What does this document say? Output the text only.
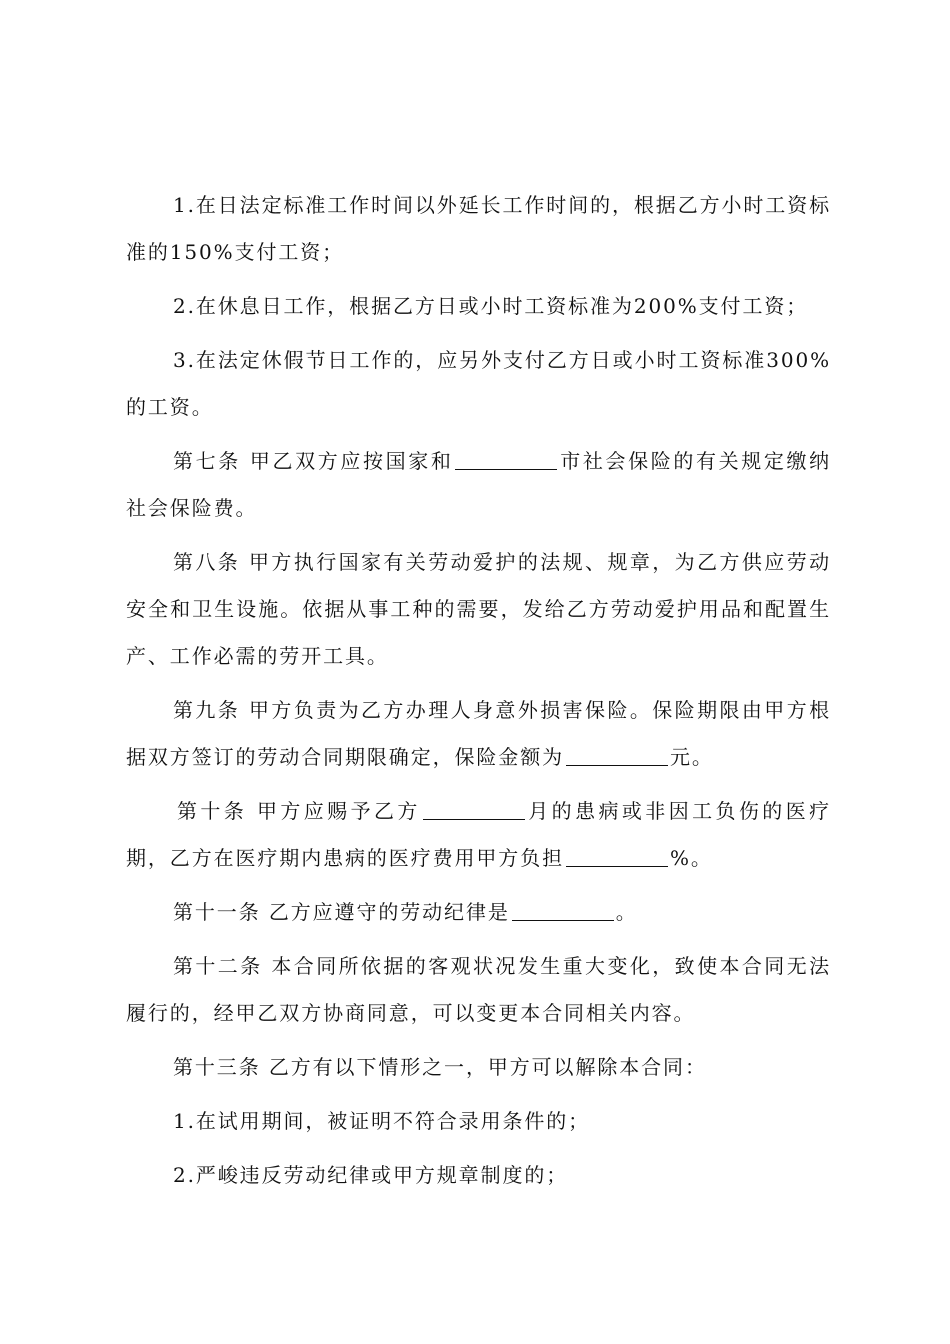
1.在日法定标准工作时间以外延长工作时间的，根据乙方小时工资标准的150%支付工资；

2.在休息日工作，根据乙方日或小时工资标准为200%支付工资；

3.在法定休假节日工作的，应另外支付乙方日或小时工资标准300%的工资。

第七条 甲乙双方应按国家和	市社会保险的有关规定缴纳社会保险费。

第八条 甲方执行国家有关劳动爱护的法规、规章，为乙方供应劳动安全和卫生设施。依据从事工种的需要，发给乙方劳动爱护用品和配置生产、工作必需的劳开工具。

第九条 甲方负责为乙方办理人身意外损害保险。保险期限由甲方根据双方签订的劳动合同期限确定，保险金额为	元。

第十条 甲方应赐予乙方	月的患病或非因工负伤的医疗期，乙方在医疗期内患病的医疗费用甲方负担	%。

第十一条 乙方应遵守的劳动纪律是	。

第十二条 本合同所依据的客观状况发生重大变化，致使本合同无法履行的，经甲乙双方协商同意，可以变更本合同相关内容。

第十三条 乙方有以下情形之一，甲方可以解除本合同：

1.在试用期间，被证明不符合录用条件的；

2.严峻违反劳动纪律或甲方规章制度的；
